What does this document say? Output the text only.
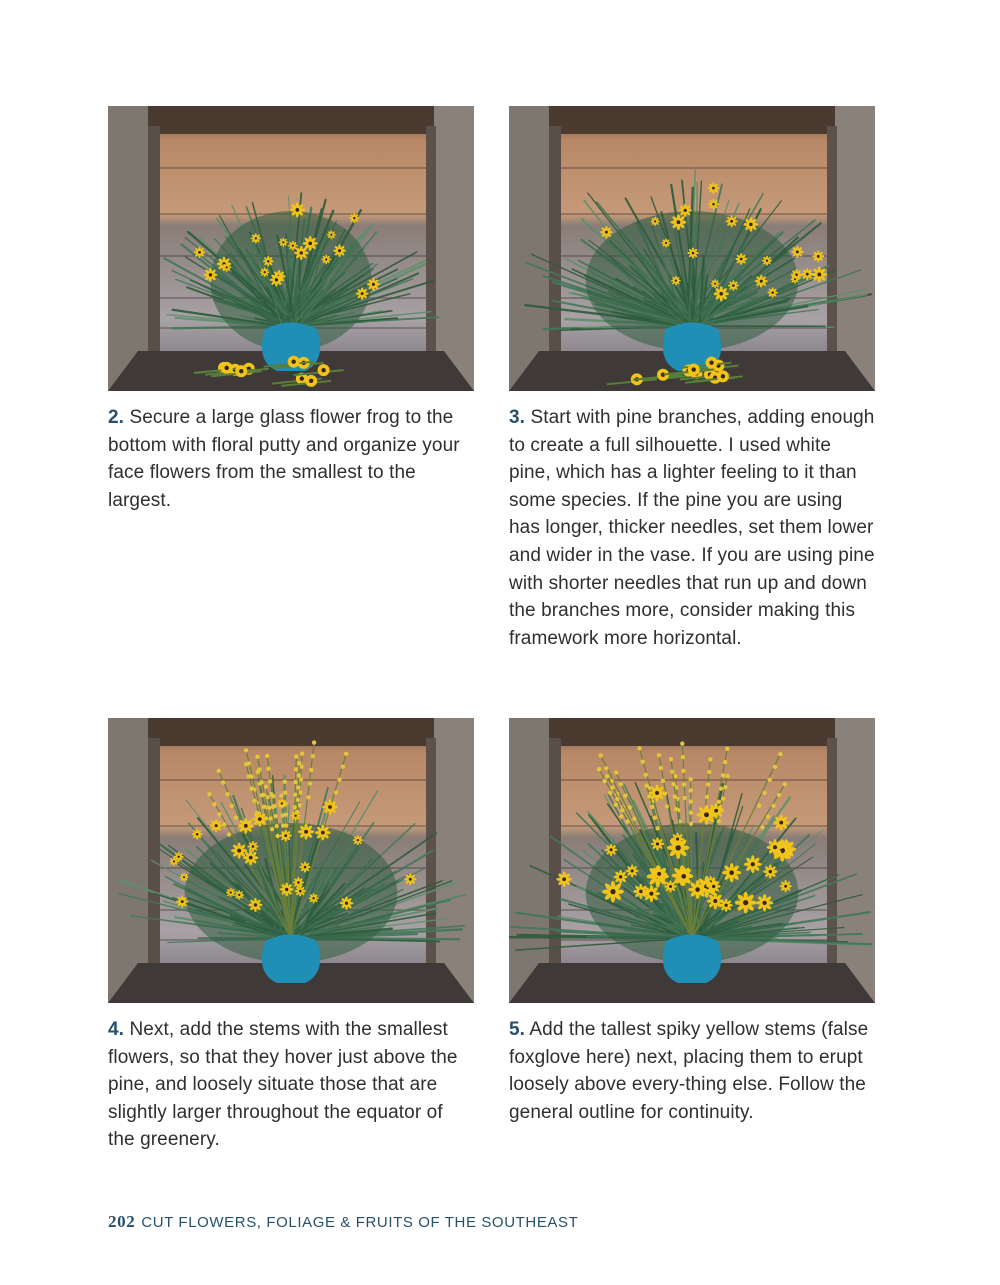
2. Secure a large glass flower frog to the bottom with floral putty and organize your face flowers from the smallest to the largest.

3. Start with pine branches, adding enough to create a full silhouette. I used white pine, which has a lighter feeling to it than some species. If the pine you are using has longer, thicker needles, set them lower and wider in the vase. If you are using pine with shorter needles that run up and down the branches more, consider making this framework more horizontal.

4. Next, add the stems with the smallest flowers, so that they hover just above the pine, and loosely situate those that are slightly larger throughout the equator of the greenery.

5. Add the tallest spiky yellow stems (false foxglove here) next, placing them to erupt loosely above every-thing else. Follow the general outline for continuity.

202 CUT FLOWERS, FOLIAGE & FRUITS OF THE SOUTHEAST
